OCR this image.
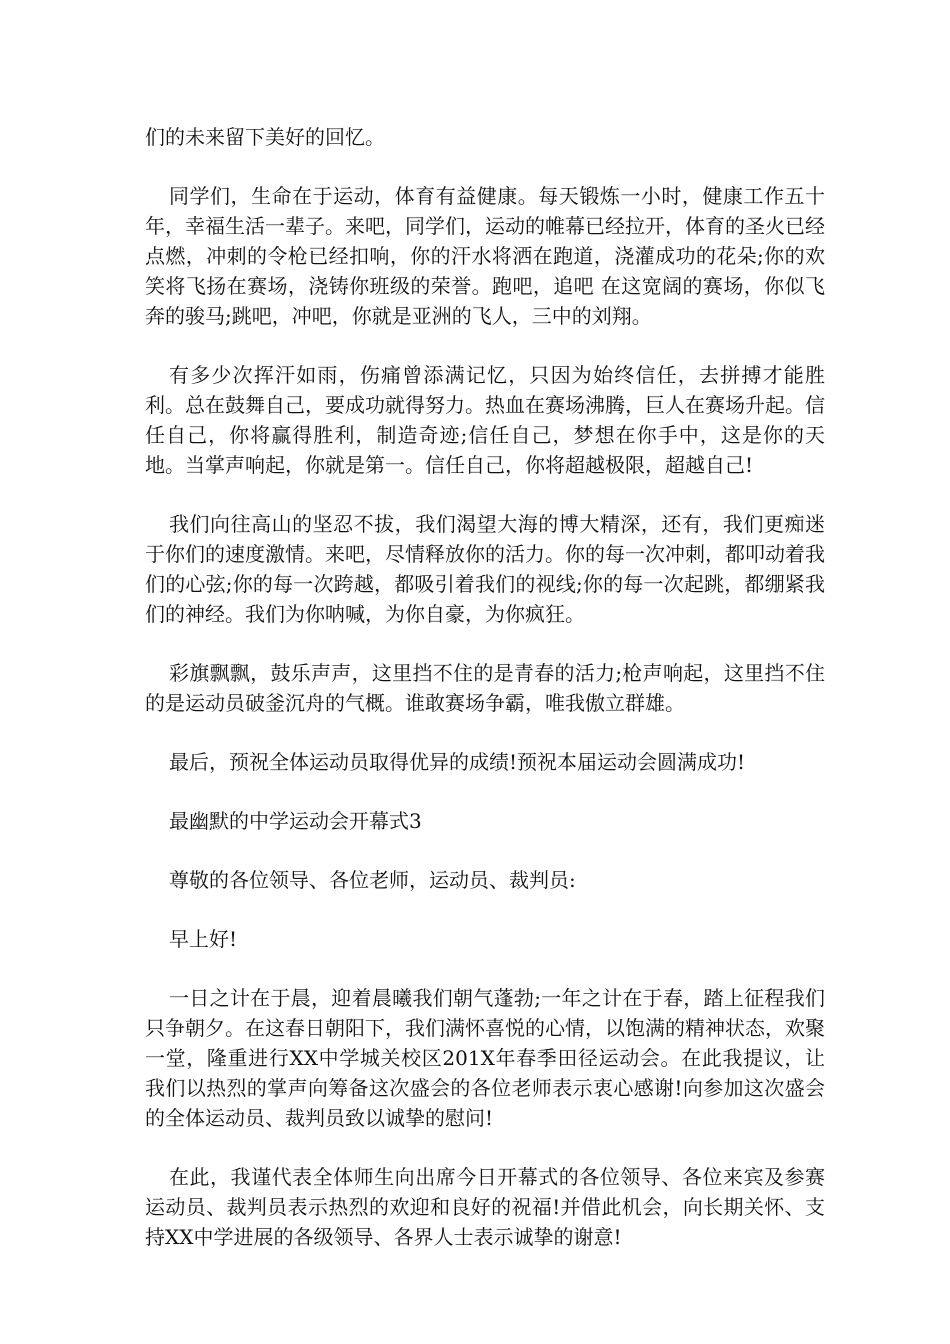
们的未来留下美好的回忆。

同学们，生命在于运动，体育有益健康。每天锻炼一小时，健康工作五十年，幸福生活一辈子。来吧，同学们，运动的帷幕已经拉开，体育的圣火已经点燃，冲刺的令枪已经扣响，你的汗水将洒在跑道，浇灌成功的花朵;你的欢笑将飞扬在赛场，浇铸你班级的荣誉。跑吧，追吧 在这宽阔的赛场，你似飞奔的骏马;跳吧，冲吧，你就是亚洲的飞人，三中的刘翔。

有多少次挥汗如雨，伤痛曾添满记忆，只因为始终信任，去拼搏才能胜利。总在鼓舞自己，要成功就得努力。热血在赛场沸腾，巨人在赛场升起。信任自己，你将赢得胜利，制造奇迹;信任自己，梦想在你手中，这是你的天地。当掌声响起，你就是第一。信任自己，你将超越极限，超越自己!

我们向往高山的坚忍不拔，我们渴望大海的博大精深，还有，我们更痴迷于你们的速度激情。来吧，尽情释放你的活力。你的每一次冲刺，都叩动着我们的心弦;你的每一次跨越，都吸引着我们的视线;你的每一次起跳，都绷紧我们的神经。我们为你呐喊，为你自豪，为你疯狂。

彩旗飘飘，鼓乐声声，这里挡不住的是青春的活力;枪声响起，这里挡不住的是运动员破釜沉舟的气概。谁敢赛场争霸，唯我傲立群雄。

最后，预祝全体运动员取得优异的成绩!预祝本届运动会圆满成功!

最幽默的中学运动会开幕式3

尊敬的各位领导、各位老师，运动员、裁判员:

早上好!

一日之计在于晨，迎着晨曦我们朝气蓬勃;一年之计在于春，踏上征程我们只争朝夕。在这春日朝阳下，我们满怀喜悦的心情，以饱满的精神状态，欢聚一堂，隆重进行XX中学城关校区201X年春季田径运动会。在此我提议，让我们以热烈的掌声向筹备这次盛会的各位老师表示衷心感谢!向参加这次盛会的全体运动员、裁判员致以诚挚的慰问!

在此，我谨代表全体师生向出席今日开幕式的各位领导、各位来宾及参赛运动员、裁判员表示热烈的欢迎和良好的祝福!并借此机会，向长期关怀、支持XX中学进展的各级领导、各界人士表示诚挚的谢意!
